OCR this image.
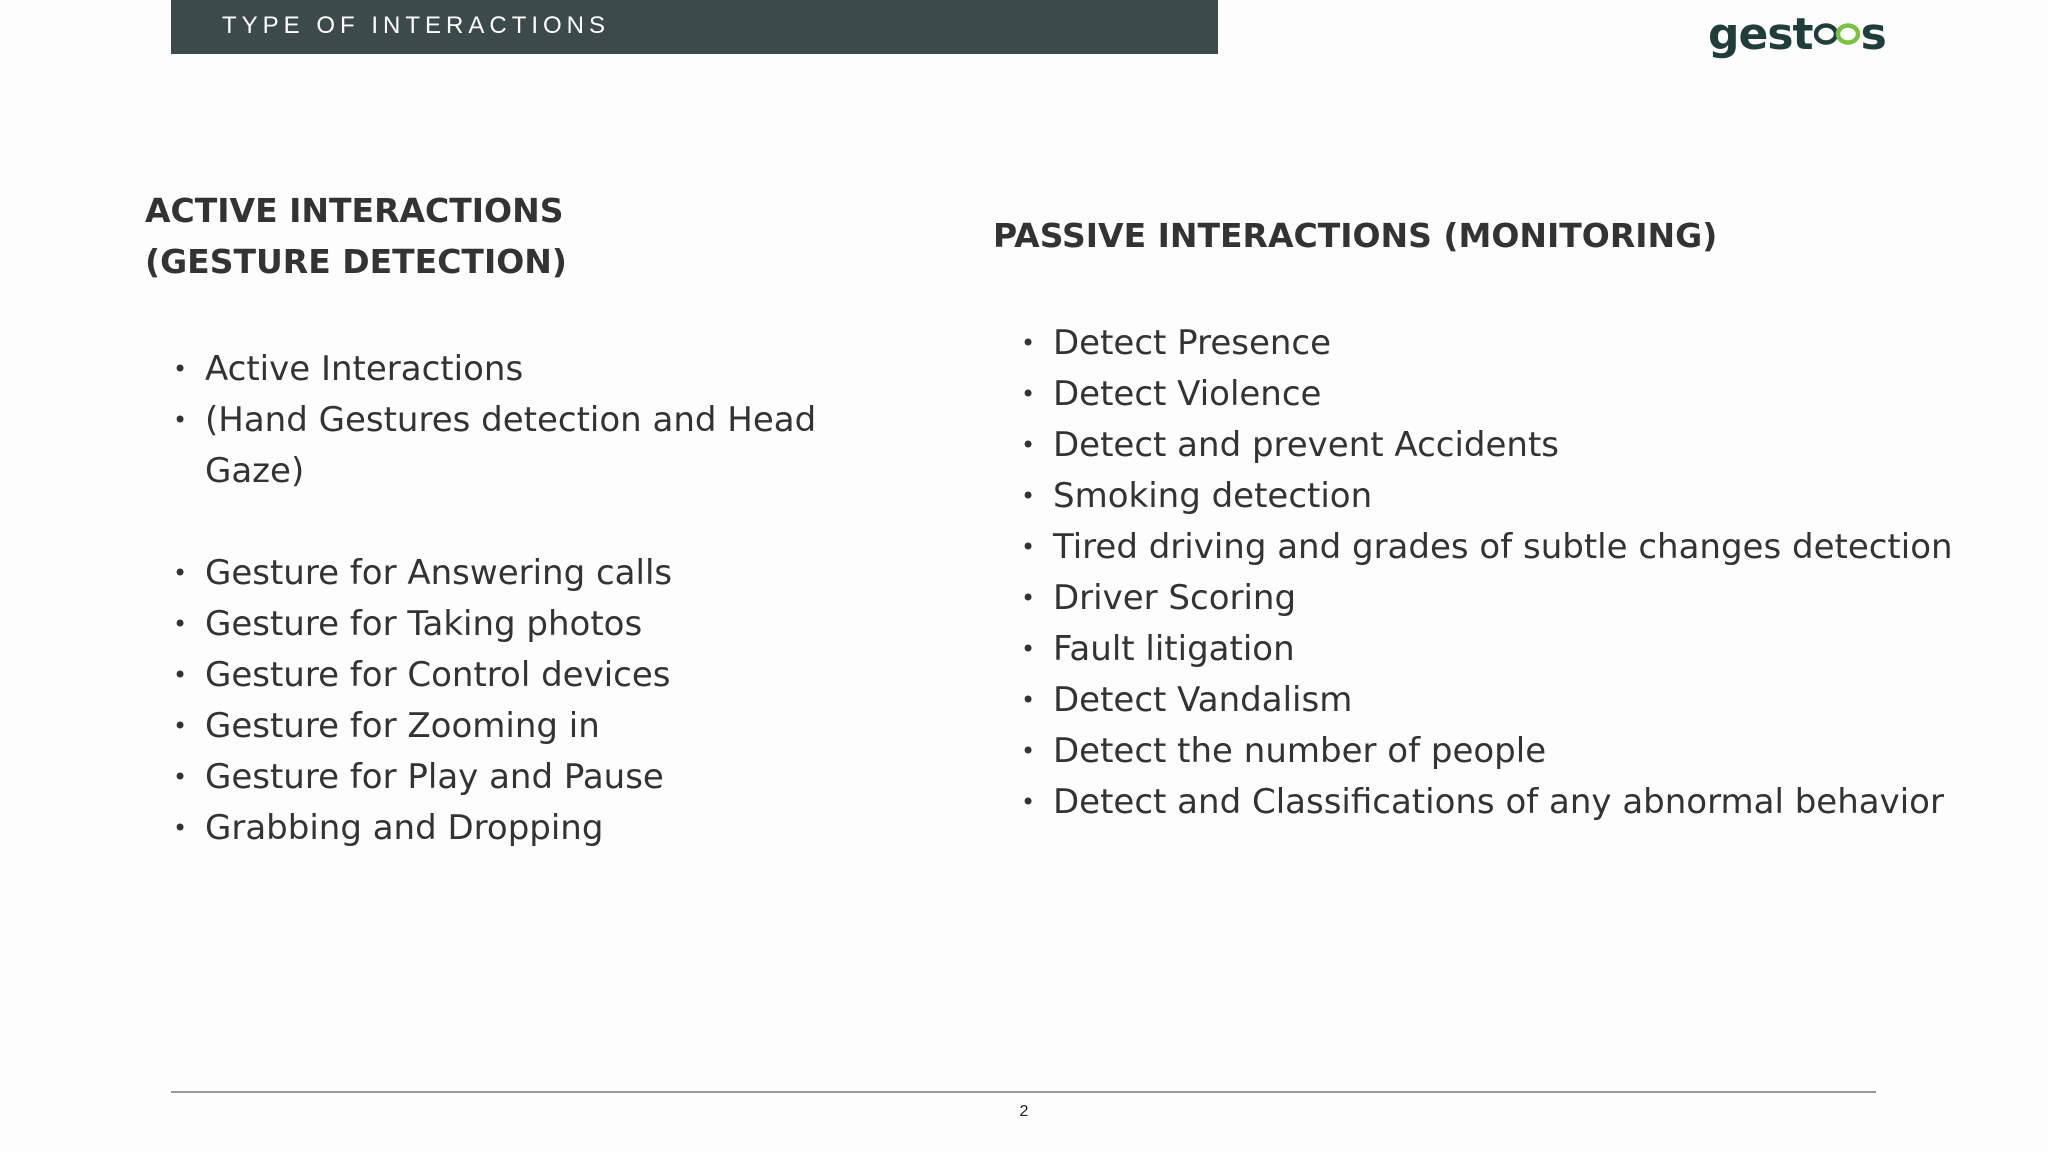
TYPE OF INTERACTIONS	gest s
ACTIVE INTERACTIONS
(GESTURE DETECTION)
• Active Interactions
• (Hand Gestures detection and Head
Gaze)
• Gesture for Answering calls
• Gesture for Taking photos
• Gesture for Control devices
• Gesture for Zooming in
• Gesture for Play and Pause
• Grabbing and Dropping
PASSIVE INTERACTIONS (MONITORING)
• Detect Presence
• Detect Violence
• Detect and prevent Accidents
• Smoking detection
• Tired driving and grades of subtle changes detection
• Driver Scoring
• Fault litigation
• Detect Vandalism
• Detect the number of people
• Detect and Classifications of any abnormal behavior
2
